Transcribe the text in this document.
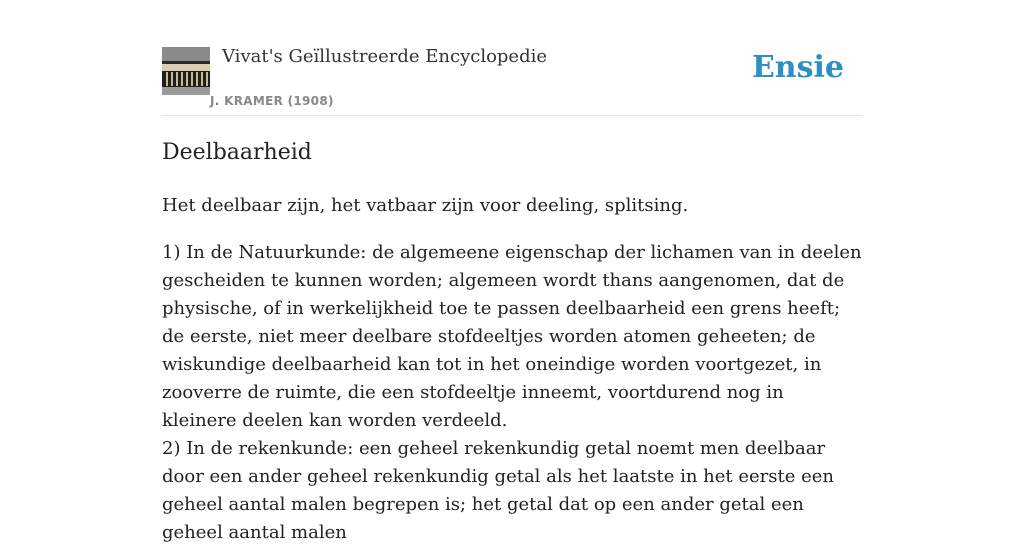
Vivat's Geïllustreerde Encyclopedie
J. KRAMER (1908)
Ensie
Deelbaarheid

Het deelbaar zijn, het vatbaar zijn voor deeling, splitsing.

1) In de Natuurkunde: de algemeene eigenschap der lichamen van in deelen gescheiden te kunnen worden; algemeen wordt thans aangenomen, dat de physische, of in werkelijkheid toe te passen deelbaarheid een grens heeft; de eerste, niet meer deelbare stofdeeltjes worden atomen geheeten; de wiskundige deelbaarheid kan tot in het oneindige worden voortgezet, in zooverre de ruimte, die een stofdeeltje inneemt, voortdurend nog in kleinere deelen kan worden verdeeld.

2) In de rekenkunde: een geheel rekenkundig getal noemt men deelbaar door een ander geheel rekenkundig getal als het laatste in het eerste een geheel aantal malen begrepen is; het getal dat op een ander getal een geheel aantal malen
